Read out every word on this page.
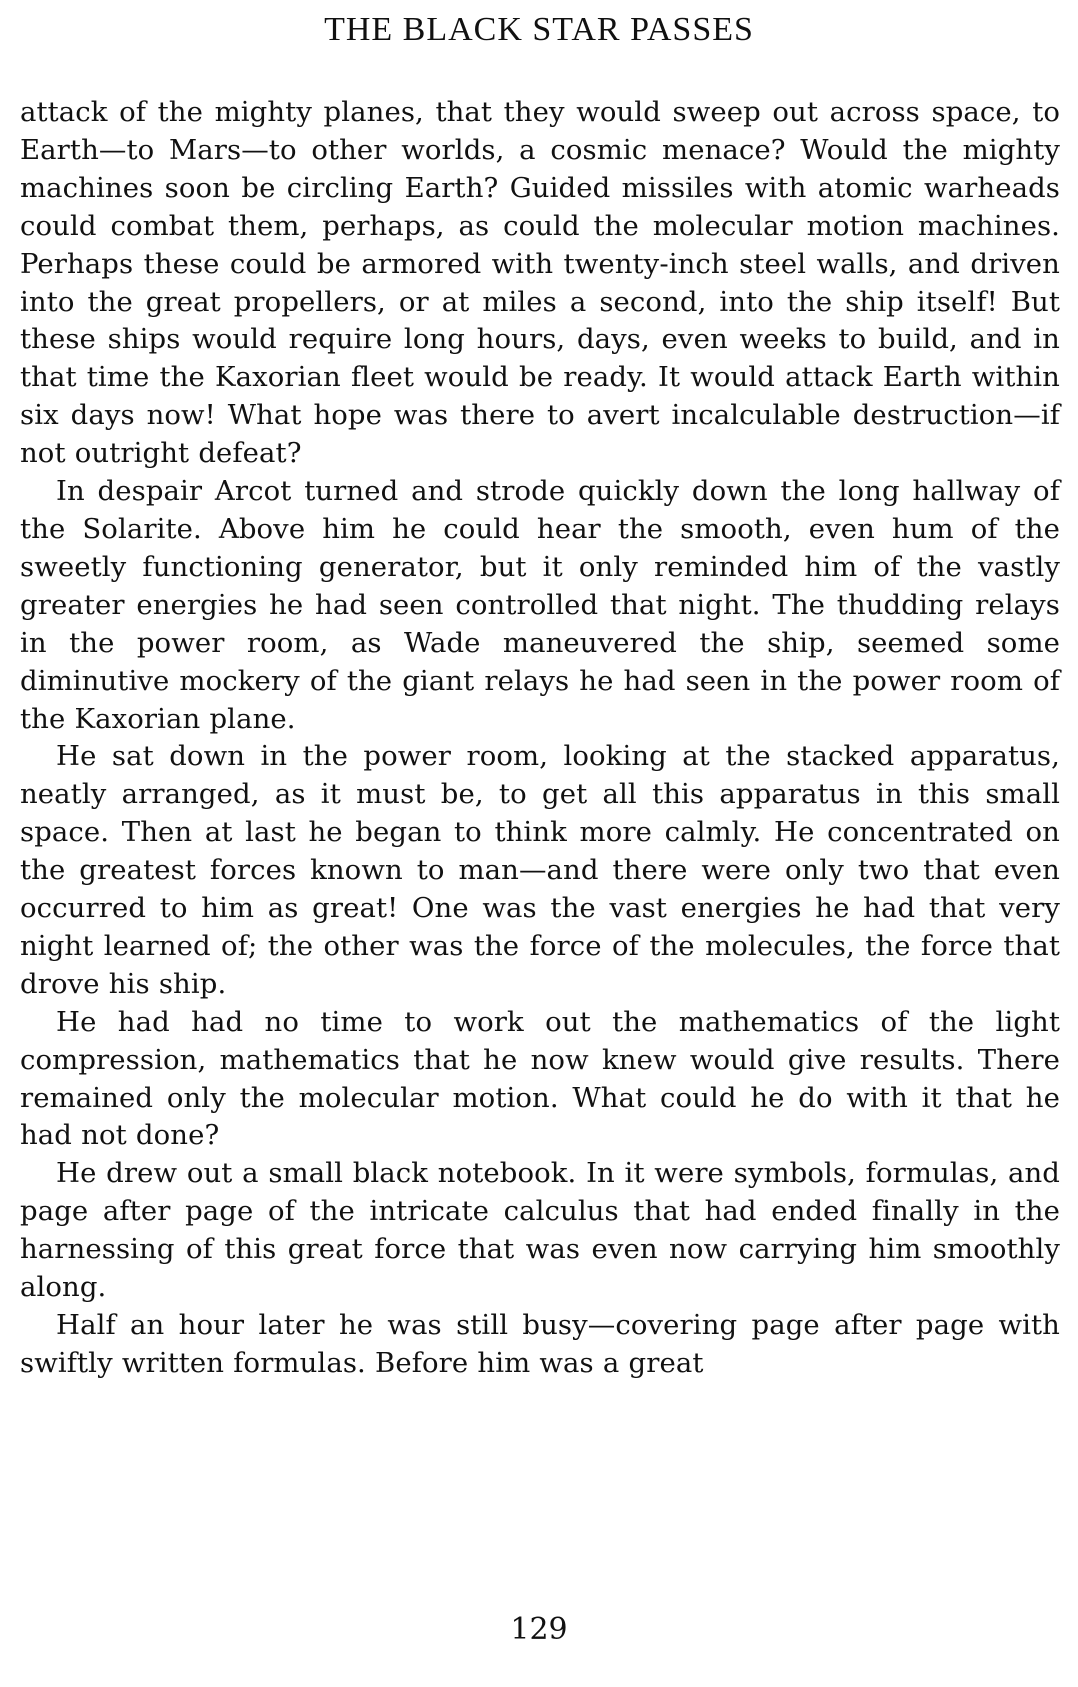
THE BLACK STAR PASSES

attack of the mighty planes, that they would sweep out across space, to Earth—to Mars—to other worlds, a cosmic menace? Would the mighty machines soon be circling Earth? Guided missiles with atomic warheads could combat them, perhaps, as could the molecular motion machines. Perhaps these could be armored with twenty-inch steel walls, and driven into the great propellers, or at miles a second, into the ship itself! But these ships would require long hours, days, even weeks to build, and in that time the Kaxorian fleet would be ready. It would attack Earth within six days now! What hope was there to avert incalculable destruction—if not outright defeat?

In despair Arcot turned and strode quickly down the long hallway of the Solarite. Above him he could hear the smooth, even hum of the sweetly functioning generator, but it only reminded him of the vastly greater energies he had seen controlled that night. The thudding relays in the power room, as Wade maneuvered the ship, seemed some diminutive mockery of the giant relays he had seen in the power room of the Kaxorian plane.

He sat down in the power room, looking at the stacked apparatus, neatly arranged, as it must be, to get all this apparatus in this small space. Then at last he began to think more calmly. He concentrated on the greatest forces known to man—and there were only two that even occurred to him as great! One was the vast energies he had that very night learned of; the other was the force of the molecules, the force that drove his ship.

He had had no time to work out the mathematics of the light compression, mathematics that he now knew would give results. There remained only the molecular motion. What could he do with it that he had not done?

He drew out a small black notebook. In it were symbols, formulas, and page after page of the intricate calculus that had ended finally in the harnessing of this great force that was even now carrying him smoothly along.

Half an hour later he was still busy—covering page after page with swiftly written formulas. Before him was a great

129
